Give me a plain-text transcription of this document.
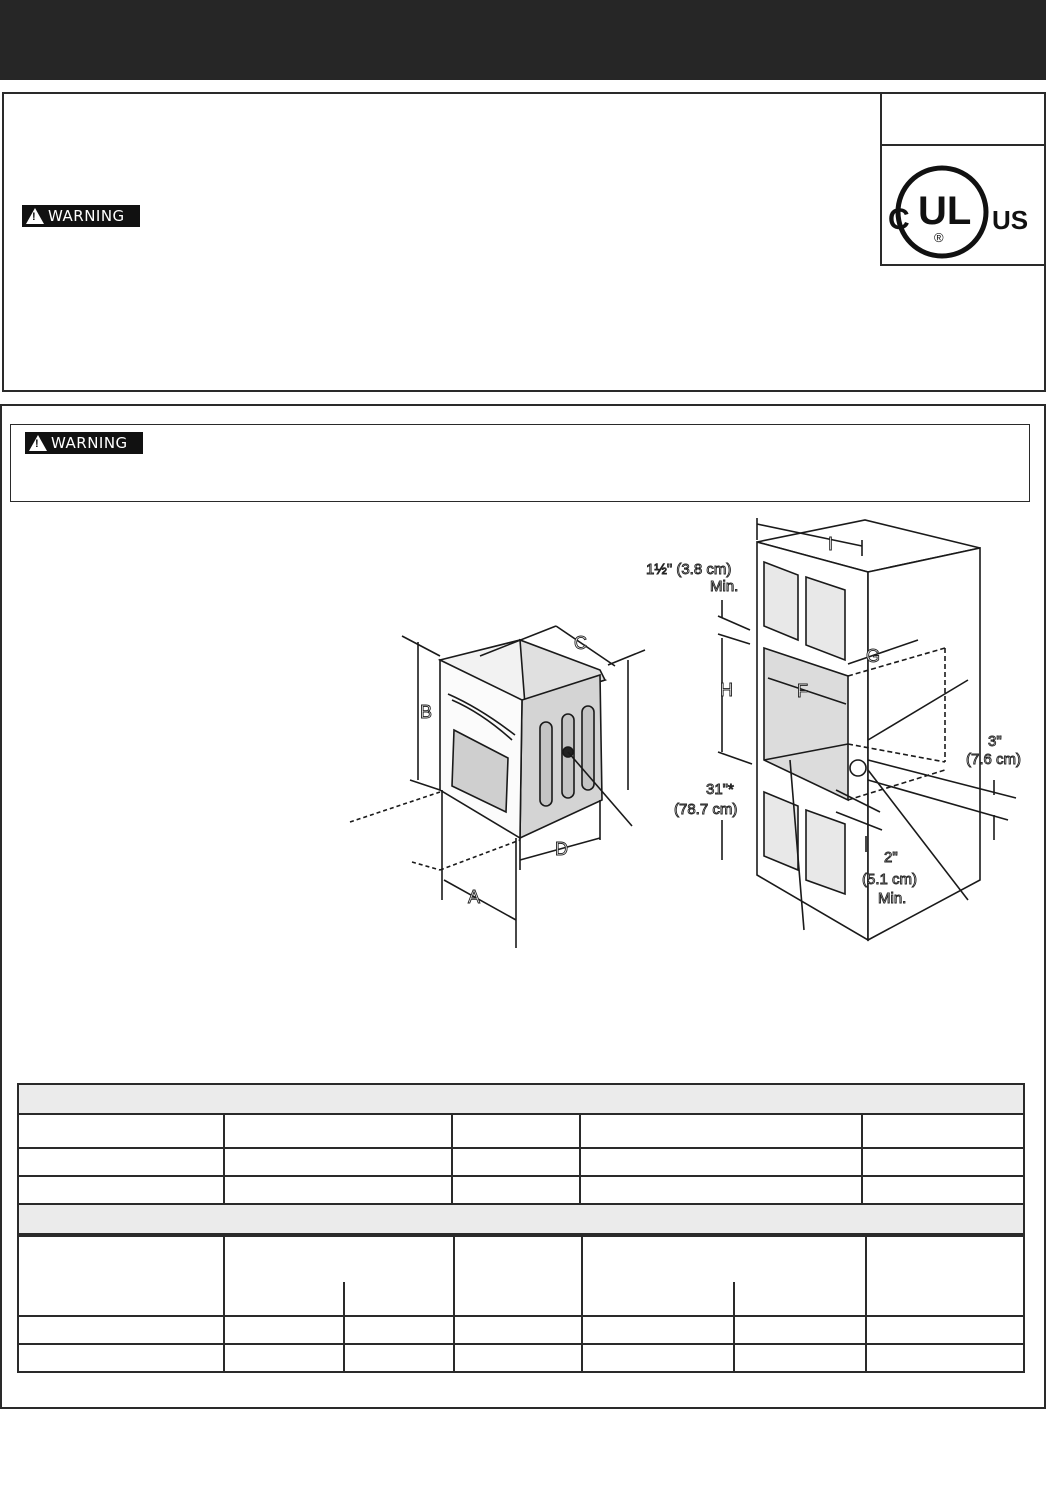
C UL
®
US
! WARNING
! WARNING
B
C
D
A
I
H	F
G
1½" (3.8 cm)
Min.
3"
(7.6 cm)
31"*
(78.7 cm)
2"
(5.1 cm)
Min.
